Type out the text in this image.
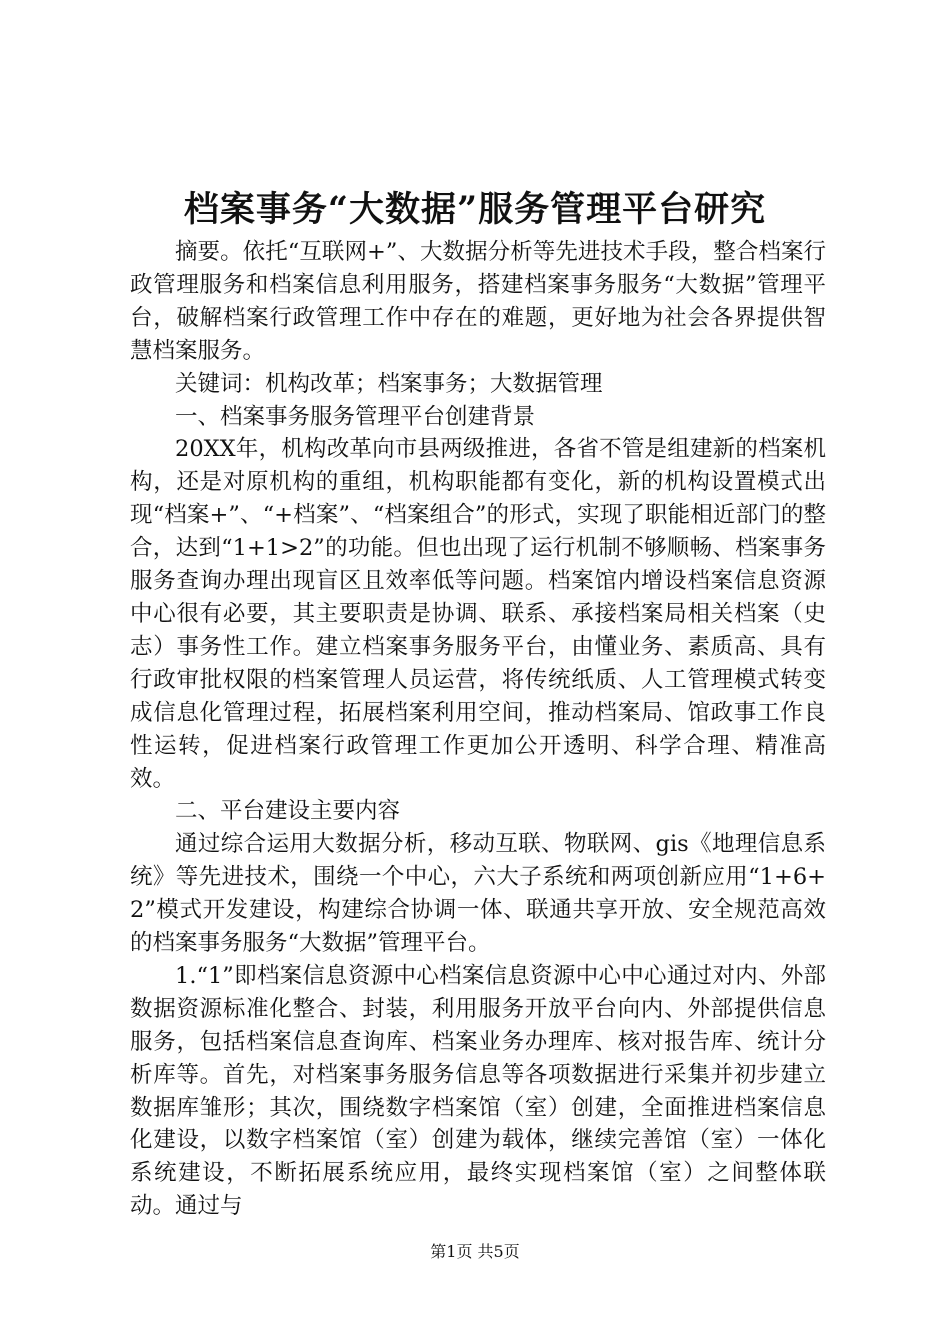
档案事务“大数据”服务管理平台研究

摘要。依托“互联网+”、大数据分析等先进技术手段，整合档案行政管理服务和档案信息利用服务，搭建档案事务服务“大数据”管理平台，破解档案行政管理工作中存在的难题，更好地为社会各界提供智慧档案服务。

关键词：机构改革；档案事务；大数据管理

一、档案事务服务管理平台创建背景

20XX年，机构改革向市县两级推进，各省不管是组建新的档案机构，还是对原机构的重组，机构职能都有变化，新的机构设置模式出现“档案+”、“+档案”、“档案组合”的形式，实现了职能相近部门的整合，达到“1+1>2”的功能。但也出现了运行机制不够顺畅、档案事务服务查询办理出现盲区且效率低等问题。档案馆内增设档案信息资源中心很有必要，其主要职责是协调、联系、承接档案局相关档案（史志）事务性工作。建立档案事务服务平台，由懂业务、素质高、具有行政审批权限的档案管理人员运营，将传统纸质、人工管理模式转变成信息化管理过程，拓展档案利用空间，推动档案局、馆政事工作良性运转，促进档案行政管理工作更加公开透明、科学合理、精准高效。

二、平台建设主要内容

通过综合运用大数据分析，移动互联、物联网、gis《地理信息系统》等先进技术，围绕一个中心，六大子系统和两项创新应用“1+6+2”模式开发建设，构建综合协调一体、联通共享开放、安全规范高效的档案事务服务“大数据”管理平台。

1.“1”即档案信息资源中心档案信息资源中心中心通过对内、外部数据资源标准化整合、封装，利用服务开放平台向内、外部提供信息服务，包括档案信息查询库、档案业务办理库、核对报告库、统计分析库等。首先，对档案事务服务信息等各项数据进行采集并初步建立数据库雏形；其次，围绕数字档案馆（室）创建，全面推进档案信息化建设，以数字档案馆（室）创建为载体，继续完善馆（室）一体化系统建设，不断拓展系统应用，最终实现档案馆（室）之间整体联动。通过与

第1页 共5页
